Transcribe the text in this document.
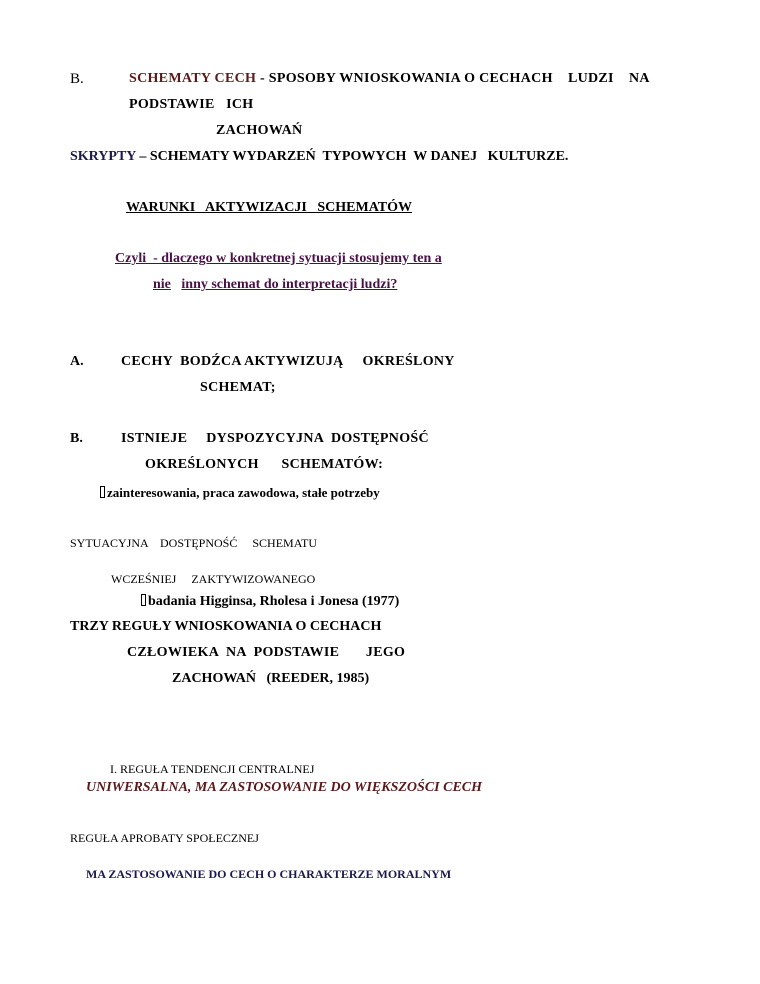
B.	SCHEMATY CECH - SPOSOBY WNIOSKOWANIA O CECHACH    LUDZI    NA
PODSTAWIE   ICH
ZACHOWAŃ
SKRYPTY – SCHEMATY WYDARZEŃ  TYPOWYCH  W DANEJ   KULTURZE.
WARUNKI   AKTYWIZACJI   SCHEMATÓW
Czyli  - dlaczego w konkretnej sytuacji stosujemy ten a
nie inny schemat do interpretacji ludzi?
A.	CECHY  BODŹCA AKTYWIZUJĄ     OKREŚLONY
SCHEMAT;
B.	ISTNIEJE     DYSPOZYCYJNA  DOSTĘPNOŚĆ
OKREŚLONYCH      SCHEMATÓW:
zainteresowania, praca zawodowa, stałe potrzeby
SYTUACYJNA    DOSTĘPNOŚĆ     SCHEMATU
WCZEŚNIEJ     ZAKTYWIZOWANEGO
badania Higginsa, Rholesa i Jonesa (1977)
TRZY REGUŁY WNIOSKOWANIA O CECHACH
CZŁOWIEKA  NA  PODSTAWIE       JEGO
ZACHOWAŃ   (REEDER, 1985)
I. REGUŁA TENDENCJI CENTRALNEJ
UNIWERSALNA, MA ZASTOSOWANIE DO WIĘKSZOŚCI CECH
REGUŁA APROBATY SPOŁECZNEJ
MA ZASTOSOWANIE DO CECH O CHARAKTERZE MORALNYM
